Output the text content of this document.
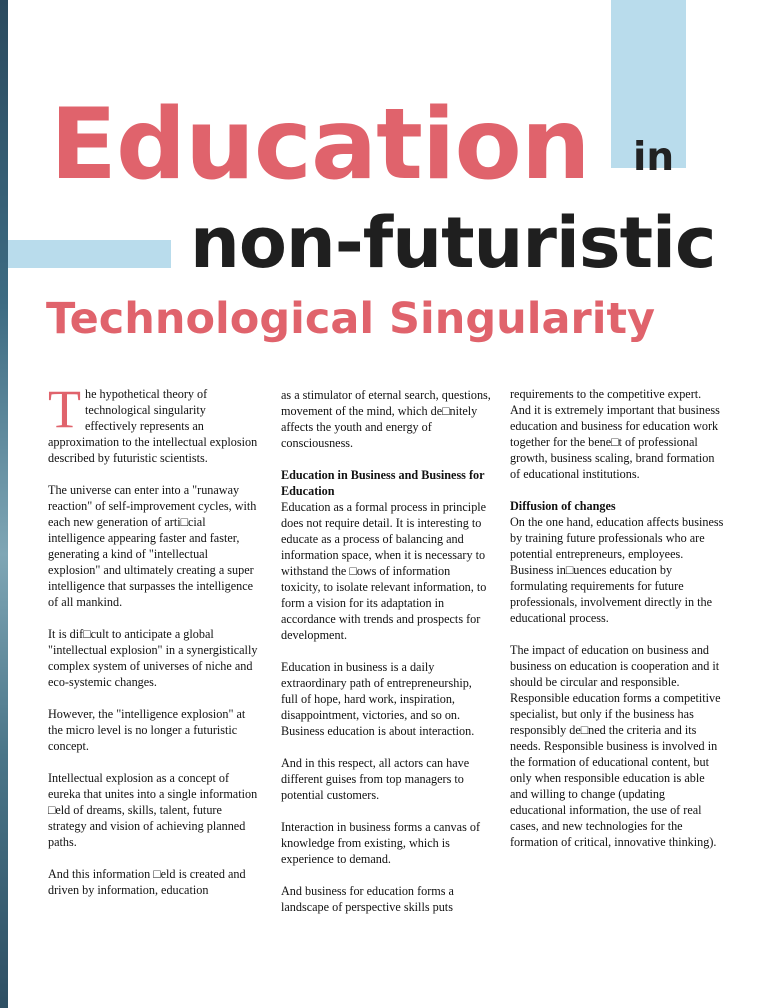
Education in
non-futuristic
Technological Singularity

The hypothetical theory of technological singularity effectively represents an approximation to the intellectual explosion described by futuristic scientists.

The universe can enter into a "runaway reaction" of self-improvement cycles, with each new generation of arti□cial intelligence appearing faster and faster, generating a kind of "intellectual explosion" and ultimately creating a super intelligence that surpasses the intelligence of all mankind.

It is dif□cult to anticipate a global "intellectual explosion" in a synergistically complex system of universes of niche and eco-systemic changes.

However, the "intelligence explosion" at the micro level is no longer a futuristic concept.

Intellectual explosion as a concept of eureka that unites into a single information □eld of dreams, skills, talent, future strategy and vision of achieving planned paths.

And this information □eld is created and driven by information, education

as a stimulator of eternal search, questions, movement of the mind, which de□nitely affects the youth and energy of consciousness.

Education in Business and Business for Education

Education as a formal process in principle does not require detail. It is interesting to educate as a process of balancing and information space, when it is necessary to withstand the □ows of information toxicity, to isolate relevant information, to form a vision for its adaptation in accordance with trends and prospects for development.

Education in business is a daily extraordinary path of entrepreneurship, full of hope, hard work, inspiration, disappointment, victories, and so on. Business education is about interaction.

And in this respect, all actors can have different guises from top managers to potential customers.

Interaction in business forms a canvas of knowledge from existing, which is experience to demand.

And business for education forms a landscape of perspective skills puts

requirements to the competitive expert. And it is extremely important that business education and business for education work together for the bene□t of professional growth, business scaling, brand formation of educational institutions.

Diffusion of changes

On the one hand, education affects business by training future professionals who are potential entrepreneurs, employees. Business in□uences education by formulating requirements for future professionals, involvement directly in the educational process.

The impact of education on business and business on education is cooperation and it should be circular and responsible. Responsible education forms a competitive specialist, but only if the business has responsibly de□ned the criteria and its needs. Responsible business is involved in the formation of educational content, but only when responsible education is able and willing to change (updating educational information, the use of real cases, and new technologies for the formation of critical, innovative thinking).
